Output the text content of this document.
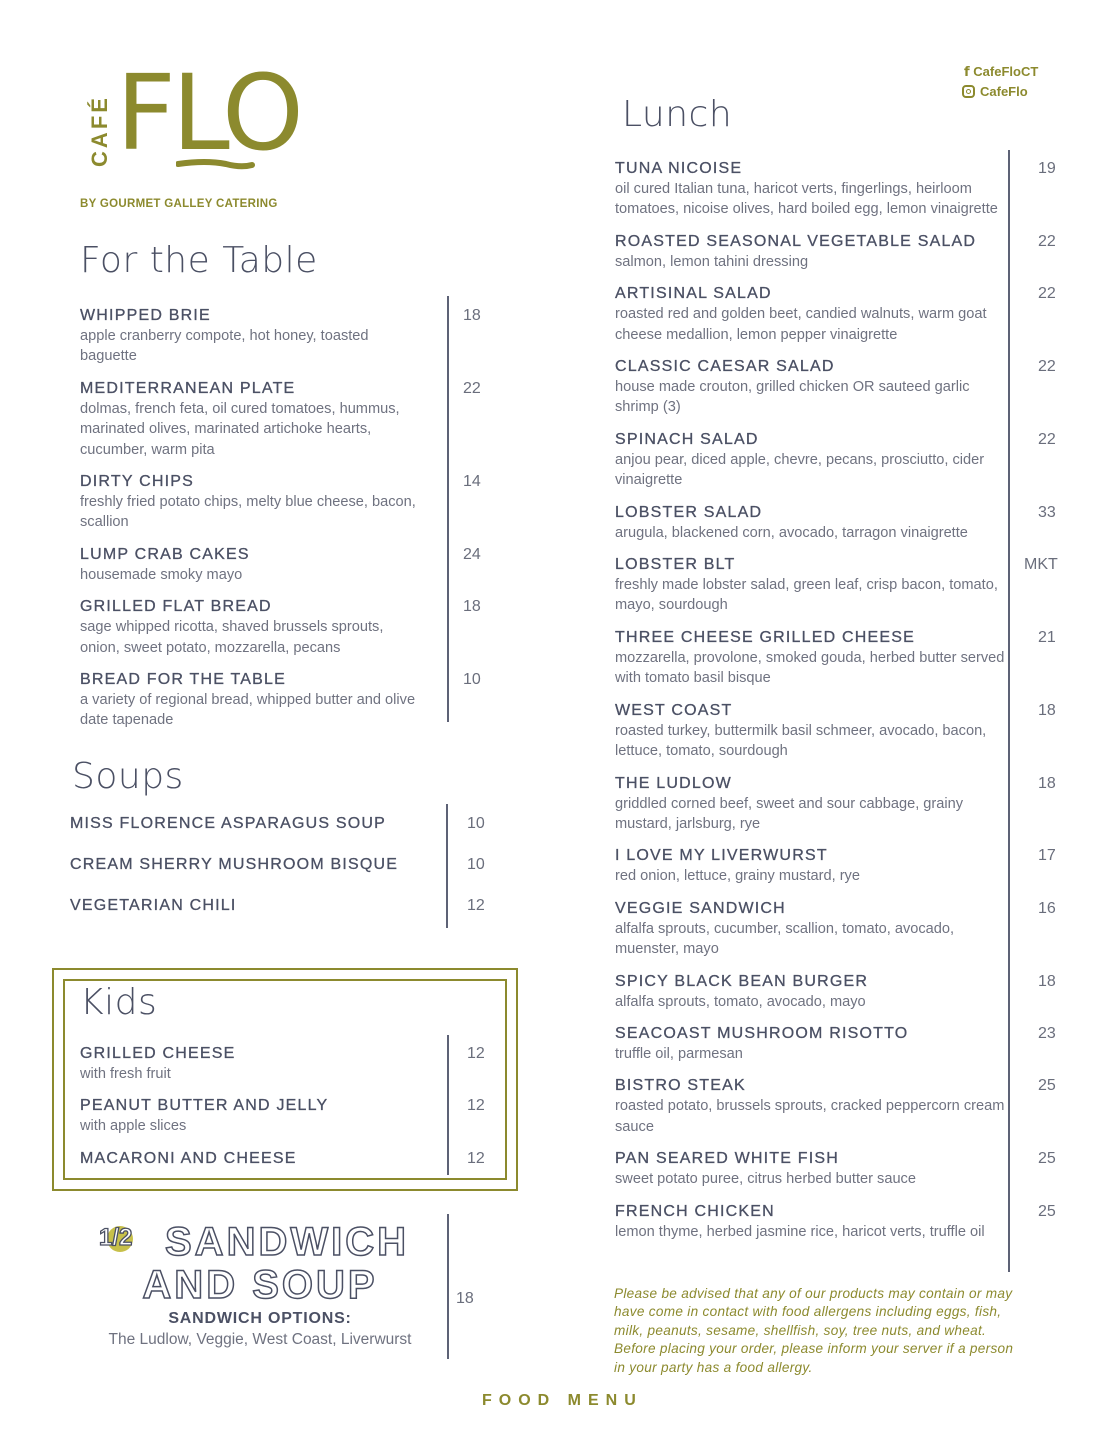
CAFÉ FLO
BY GOURMET GALLEY CATERING
f CafeFloCT
CafeFlo
For the Table
WHIPPED BRIE
apple cranberry compote, hot honey, toasted baguette
18
MEDITERRANEAN PLATE
dolmas, french feta, oil cured tomatoes, hummus, marinated olives, marinated artichoke hearts, cucumber, warm pita
22
DIRTY CHIPS
freshly fried potato chips, melty blue cheese, bacon, scallion
14
LUMP CRAB CAKES
housemade smoky mayo
24
GRILLED FLAT BREAD
sage whipped ricotta, shaved brussels sprouts, onion, sweet potato, mozzarella, pecans
18
BREAD FOR THE TABLE
a variety of regional bread, whipped butter and olive date tapenade
10
Soups
MISS FLORENCE ASPARAGUS SOUP	10
CREAM SHERRY MUSHROOM BISQUE	10
VEGETARIAN CHILI	12
Kids
GRILLED CHEESE
with fresh fruit
12
PEANUT BUTTER AND JELLY
with apple slices
12
MACARONI AND CHEESE	12
1/2 SANDWICH
AND SOUP
SANDWICH OPTIONS:
The Ludlow, Veggie, West Coast, Liverwurst
18
Lunch
TUNA NICOISE
oil cured Italian tuna, haricot verts, fingerlings, heirloom tomatoes, nicoise olives, hard boiled egg, lemon vinaigrette
19
ROASTED SEASONAL VEGETABLE SALAD
salmon, lemon tahini dressing
22
ARTISINAL SALAD
roasted red and golden beet, candied walnuts, warm goat cheese medallion, lemon pepper vinaigrette
22
CLASSIC CAESAR SALAD
house made crouton, grilled chicken OR sauteed garlic shrimp (3)
22
SPINACH SALAD
anjou pear, diced apple, chevre, pecans, prosciutto, cider vinaigrette
22
LOBSTER SALAD
arugula, blackened corn, avocado, tarragon vinaigrette
33
LOBSTER BLT
freshly made lobster salad, green leaf, crisp bacon, tomato, mayo, sourdough
MKT
THREE CHEESE GRILLED CHEESE
mozzarella, provolone, smoked gouda, herbed butter served with tomato basil bisque
21
WEST COAST
roasted turkey, buttermilk basil schmeer, avocado, bacon, lettuce, tomato, sourdough
18
THE LUDLOW
griddled corned beef, sweet and sour cabbage, grainy mustard, jarlsburg, rye
18
I LOVE MY LIVERWURST
red onion, lettuce, grainy mustard, rye
17
VEGGIE SANDWICH
alfalfa sprouts, cucumber, scallion, tomato, avocado, muenster, mayo
16
SPICY BLACK BEAN BURGER
alfalfa sprouts, tomato, avocado, mayo
18
SEACOAST MUSHROOM RISOTTO
truffle oil, parmesan
23
BISTRO STEAK
roasted potato, brussels sprouts, cracked peppercorn cream sauce
25
PAN SEARED WHITE FISH
sweet potato puree, citrus herbed butter sauce
25
FRENCH CHICKEN
lemon thyme, herbed jasmine rice, haricot verts, truffle oil
25
Please be advised that any of our products may contain or may have come in contact with food allergens including eggs, fish, milk, peanuts, sesame, shellfish, soy, tree nuts, and wheat. Before placing your order, please inform your server if a person in your party has a food allergy.
FOOD MENU
